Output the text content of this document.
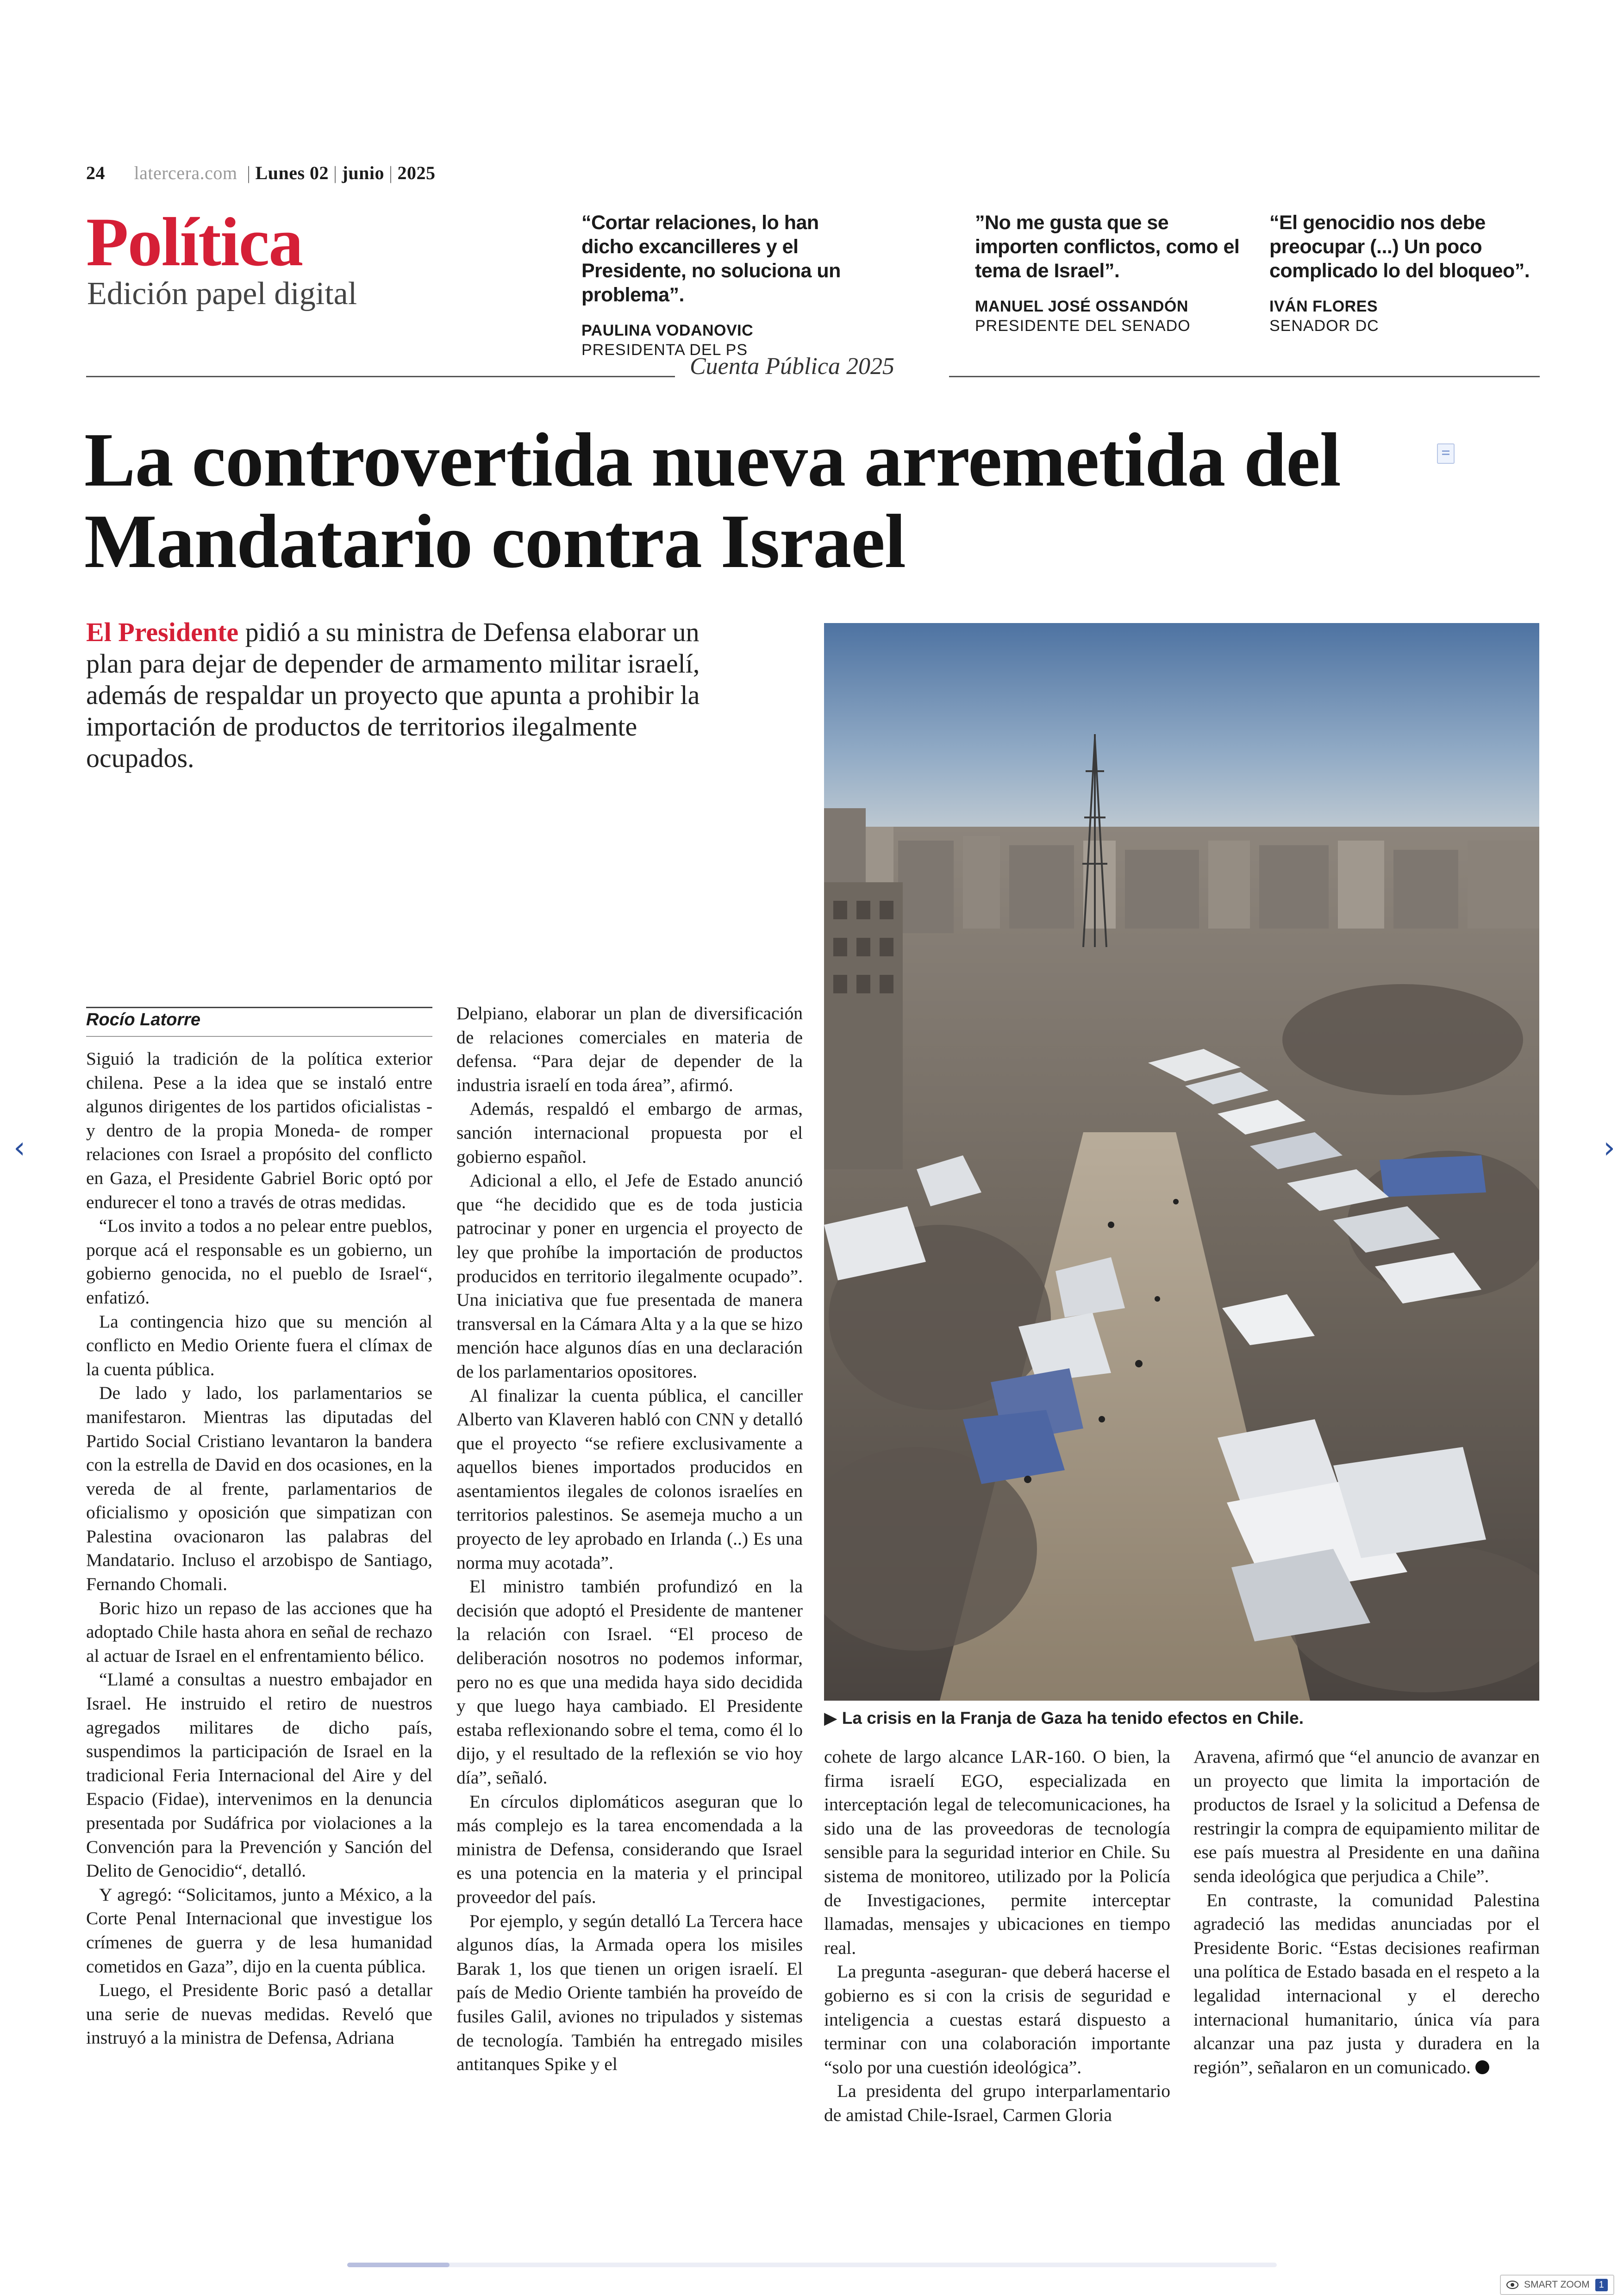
24 latercera.com | Lunes 02 | junio | 2025
Política
Edición papel digital
“Cortar relaciones, lo han dicho excancilleres y el Presidente, no soluciona un problema”.
PAULINA VODANOVIC
PRESIDENTA DEL PS
”No me gusta que se importen conflictos, como el tema de Israel”.
MANUEL JOSÉ OSSANDÓN
PRESIDENTE DEL SENADO
“El genocidio nos debe preocupar (...) Un poco complicado lo del bloqueo”.
IVÁN FLORES
SENADOR DC
Cuenta Pública 2025
La controvertida nueva arremetida del Mandatario contra Israel
El Presidente pidió a su ministra de Defensa elaborar un plan para dejar de depender de armamento militar israelí, además de respaldar un proyecto que apunta a prohibir la importación de productos de territorios ilegalmente ocupados.
▶ La crisis en la Franja de Gaza ha tenido efectos en Chile.
Rocío Latorre

Siguió la tradición de la política exterior chilena. Pese a la idea que se instaló entre algunos dirigentes de los partidos oficialistas -y dentro de la propia Moneda- de romper relaciones con Israel a propósito del conflicto en Gaza, el Presidente Gabriel Boric optó por endurecer el tono a través de otras medidas.

“Los invito a todos a no pelear entre pueblos, porque acá el responsable es un gobierno, un gobierno genocida, no el pueblo de Israel“, enfatizó.

La contingencia hizo que su mención al conflicto en Medio Oriente fuera el clímax de la cuenta pública.

De lado y lado, los parlamentarios se manifestaron. Mientras las diputadas del Partido Social Cristiano levantaron la bandera con la estrella de David en dos ocasiones, en la vereda de al frente, parlamentarios de oficialismo y oposición que simpatizan con Palestina ovacionaron las palabras del Mandatario. Incluso el arzobispo de Santiago, Fernando Chomali.

Boric hizo un repaso de las acciones que ha adoptado Chile hasta ahora en señal de rechazo al actuar de Israel en el enfrentamiento bélico.

“Llamé a consultas a nuestro embajador en Israel. He instruido el retiro de nuestros agregados militares de dicho país, suspendimos la participación de Israel en la tradicional Feria Internacional del Aire y del Espacio (Fidae), intervenimos en la denuncia presentada por Sudáfrica por violaciones a la Convención para la Prevención y Sanción del Delito de Genocidio“, detalló.

Y agregó: “Solicitamos, junto a México, a la Corte Penal Internacional que investigue los crímenes de guerra y de lesa humanidad cometidos en Gaza”, dijo en la cuenta pública.

Luego, el Presidente Boric pasó a detallar una serie de nuevas medidas. Reveló que instruyó a la ministra de Defensa, Adriana

Delpiano, elaborar un plan de diversificación de relaciones comerciales en materia de defensa. “Para dejar de depender de la industria israelí en toda área”, afirmó.

Además, respaldó el embargo de armas, sanción internacional propuesta por el gobierno español.

Adicional a ello, el Jefe de Estado anunció que “he decidido que es de toda justicia patrocinar y poner en urgencia el proyecto de ley que prohíbe la importación de productos producidos en territorio ilegalmente ocupado”. Una iniciativa que fue presentada de manera transversal en la Cámara Alta y a la que se hizo mención hace algunos días en una declaración de los parlamentarios opositores.

Al finalizar la cuenta pública, el canciller Alberto van Klaveren habló con CNN y detalló que el proyecto “se refiere exclusivamente a aquellos bienes importados producidos en asentamientos ilegales de colonos israelíes en territorios palestinos. Se asemeja mucho a un proyecto de ley aprobado en Irlanda (..) Es una norma muy acotada”.

El ministro también profundizó en la decisión que adoptó el Presidente de mantener la relación con Israel. “El proceso de deliberación nosotros no podemos informar, pero no es que una medida haya sido decidida y que luego haya cambiado. El Presidente estaba reflexionando sobre el tema, como él lo dijo, y el resultado de la reflexión se vio hoy día”, señaló.

En círculos diplomáticos aseguran que lo más complejo es la tarea encomendada a la ministra de Defensa, considerando que Israel es una potencia en la materia y el principal proveedor del país.

Por ejemplo, y según detalló La Tercera hace algunos días, la Armada opera los misiles Barak 1, los que tienen un origen israelí. El país de Medio Oriente también ha proveído de fusiles Galil, aviones no tripulados y sistemas de tecnología. También ha entregado misiles antitanques Spike y el

cohete de largo alcance LAR-160. O bien, la firma israelí EGO, especializada en interceptación legal de telecomunicaciones, ha sido una de las proveedoras de tecnología sensible para la seguridad interior en Chile. Su sistema de monitoreo, utilizado por la Policía de Investigaciones, permite interceptar llamadas, mensajes y ubicaciones en tiempo real.

La pregunta -aseguran- que deberá hacerse el gobierno es si con la crisis de seguridad e inteligencia a cuestas estará dispuesto a terminar con una colaboración importante “solo por una cuestión ideológica”.

La presidenta del grupo interparlamentario de amistad Chile-Israel, Carmen Gloria

Aravena, afirmó que “el anuncio de avanzar en un proyecto que limita la importación de productos de Israel y la solicitud a Defensa de restringir la compra de equipamiento militar de ese país muestra al Presidente en una dañina senda ideológica que perjudica a Chile”.

En contraste, la comunidad Palestina agradeció las medidas anunciadas por el Presidente Boric. “Estas decisiones reafirman una política de Estado basada en el respeto a la legalidad internacional y el derecho internacional humanitario, única vía para alcanzar una paz justa y duradera en la región”, señalaron en un comunicado.

‹	›
SMART ZOOM	1
